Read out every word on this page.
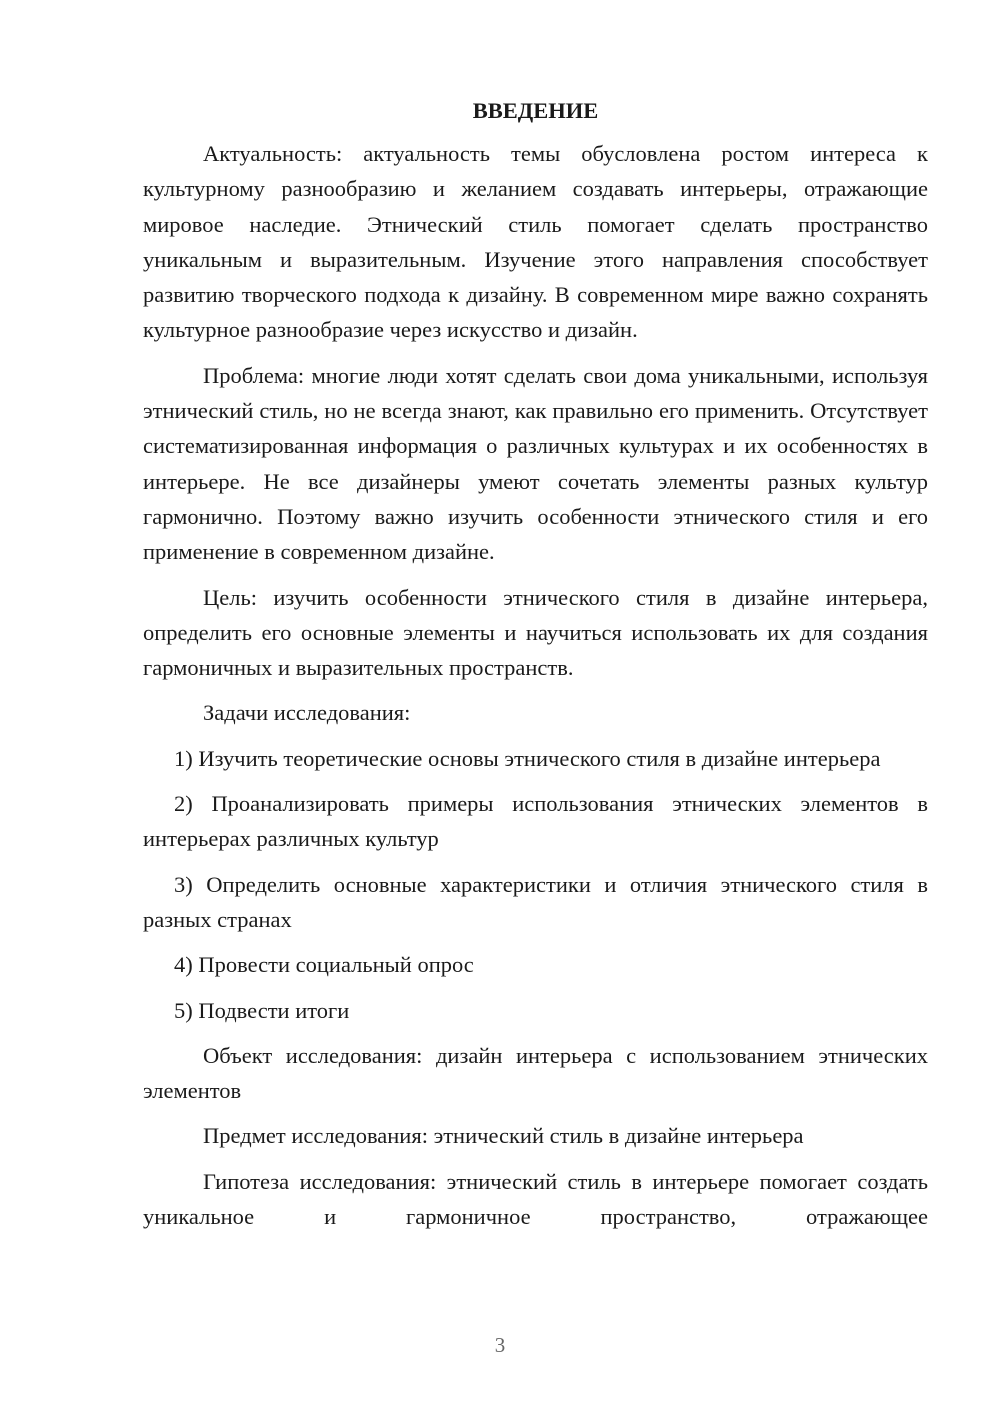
ВВЕДЕНИЕ

Актуальность: актуальность темы обусловлена ростом интереса к культурному разнообразию и желанием создавать интерьеры, отражающие мировое наследие. Этнический стиль помогает сделать пространство уникальным и выразительным. Изучение этого направления способствует развитию творческого подхода к дизайну. В современном мире важно сохранять культурное разнообразие через искусство и дизайн.

Проблема: многие люди хотят сделать свои дома уникальными, используя этнический стиль, но не всегда знают, как правильно его применить. Отсутствует систематизированная информация о различных культурах и их особенностях в интерьере. Не все дизайнеры умеют сочетать элементы разных культур гармонично. Поэтому важно изучить особенности этнического стиля и его применение в современном дизайне.

Цель: изучить особенности этнического стиля в дизайне интерьера, определить его основные элементы и научиться использовать их для создания гармоничных и выразительных пространств.

Задачи исследования:

1) Изучить теоретические основы этнического стиля в дизайне интерьера

2) Проанализировать примеры использования этнических элементов в интерьерах различных культур

3) Определить основные характеристики и отличия этнического стиля в разных странах

4) Провести социальный опрос

5) Подвести итоги

Объект исследования: дизайн интерьера с использованием этнических элементов

Предмет исследования: этнический стиль в дизайне интерьера

Гипотеза исследования: этнический стиль в интерьере помогает создать уникальное и гармоничное пространство, отражающее

3
